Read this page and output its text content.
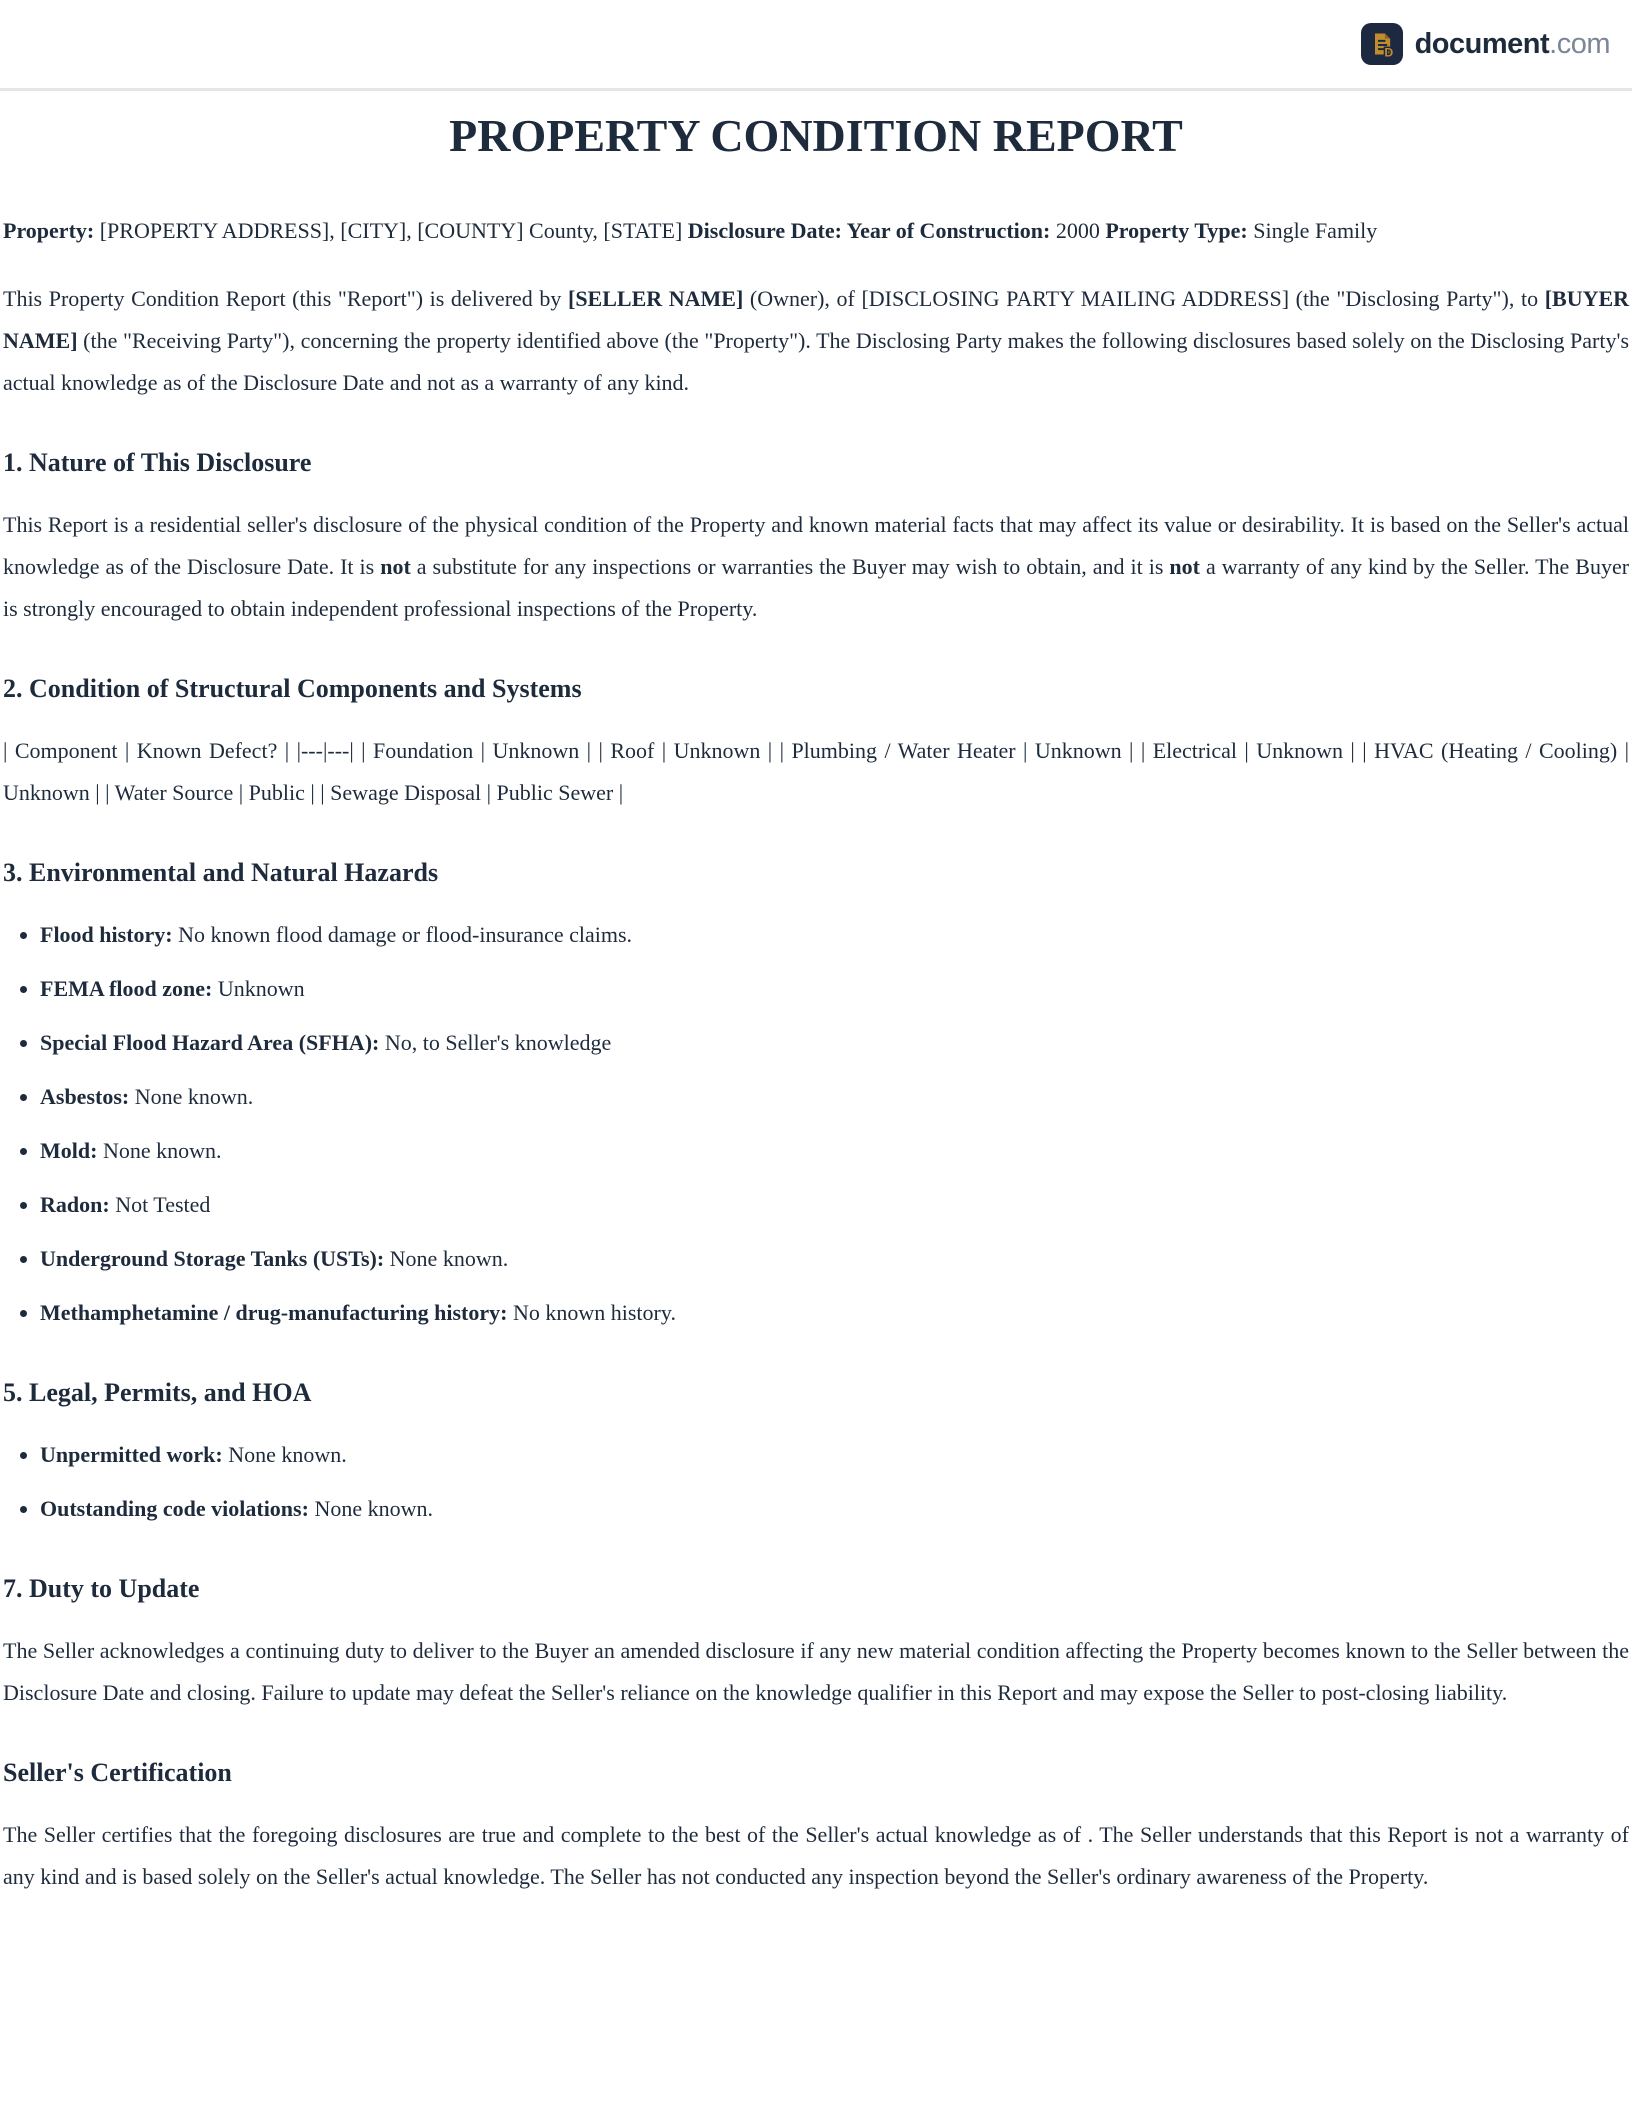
D document.com
PROPERTY CONDITION REPORT

Property: [PROPERTY ADDRESS], [CITY], [COUNTY] County, [STATE] Disclosure Date: Year of Construction: 2000 Property Type: Single Family

This Property Condition Report (this "Report") is delivered by [SELLER NAME] (Owner), of [DISCLOSING PARTY MAILING ADDRESS] (the "Disclosing Party"), to [BUYER NAME] (the "Receiving Party"), concerning the property identified above (the "Property"). The Disclosing Party makes the following disclosures based solely on the Disclosing Party's actual knowledge as of the Disclosure Date and not as a warranty of any kind.

1. Nature of This Disclosure

This Report is a residential seller's disclosure of the physical condition of the Property and known material facts that may affect its value or desirability. It is based on the Seller's actual knowledge as of the Disclosure Date. It is not a substitute for any inspections or warranties the Buyer may wish to obtain, and it is not a warranty of any kind by the Seller. The Buyer is strongly encouraged to obtain independent professional inspections of the Property.

2. Condition of Structural Components and Systems

| Component | Known Defect? | |---|---| | Foundation | Unknown | | Roof | Unknown | | Plumbing / Water Heater | Unknown | | Electrical | Unknown | | HVAC (Heating / Cooling) | Unknown | | Water Source | Public | | Sewage Disposal | Public Sewer |

3. Environmental and Natural Hazards
• Flood history: No known flood damage or flood-insurance claims.
• FEMA flood zone: Unknown
• Special Flood Hazard Area (SFHA): No, to Seller's knowledge
• Asbestos: None known.
• Mold: None known.
• Radon: Not Tested
• Underground Storage Tanks (USTs): None known.
• Methamphetamine / drug-manufacturing history: No known history.
5. Legal, Permits, and HOA
• Unpermitted work: None known.
• Outstanding code violations: None known.
7. Duty to Update

The Seller acknowledges a continuing duty to deliver to the Buyer an amended disclosure if any new material condition affecting the Property becomes known to the Seller between the Disclosure Date and closing. Failure to update may defeat the Seller's reliance on the knowledge qualifier in this Report and may expose the Seller to post-closing liability.

Seller's Certification

The Seller certifies that the foregoing disclosures are true and complete to the best of the Seller's actual knowledge as of . The Seller understands that this Report is not a warranty of any kind and is based solely on the Seller's actual knowledge. The Seller has not conducted any inspection beyond the Seller's ordinary awareness of the Property.
